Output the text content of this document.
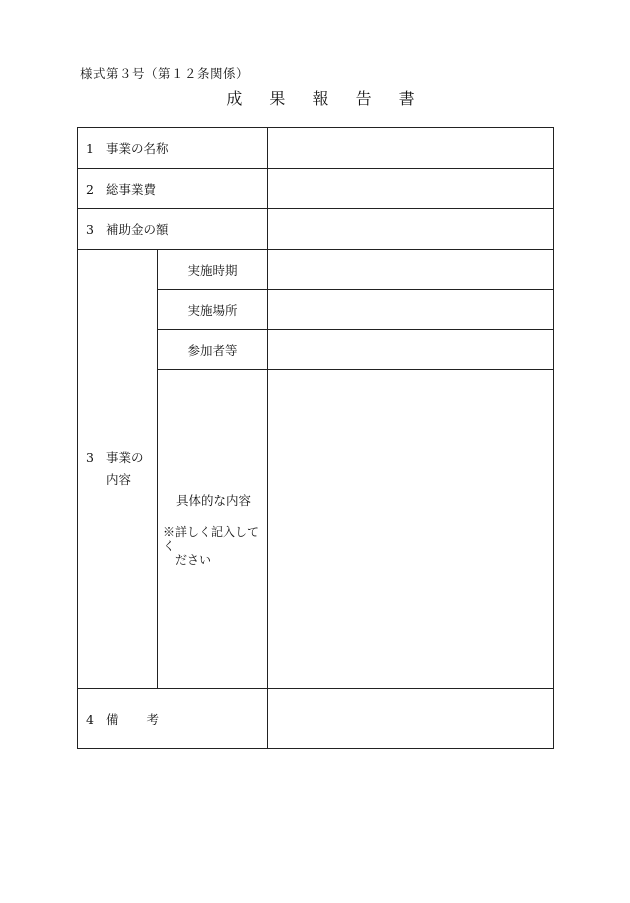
様式第３号（第１２条関係）
成 果 報 告 書
1 事業の名称		
2 総事業費		
3 補助金の額		

3 事業の
内容	実施時期	
	実施場所	
	参加者等	

	具体的な内容
※詳しく記入してく
ださい	

4 備 考		
